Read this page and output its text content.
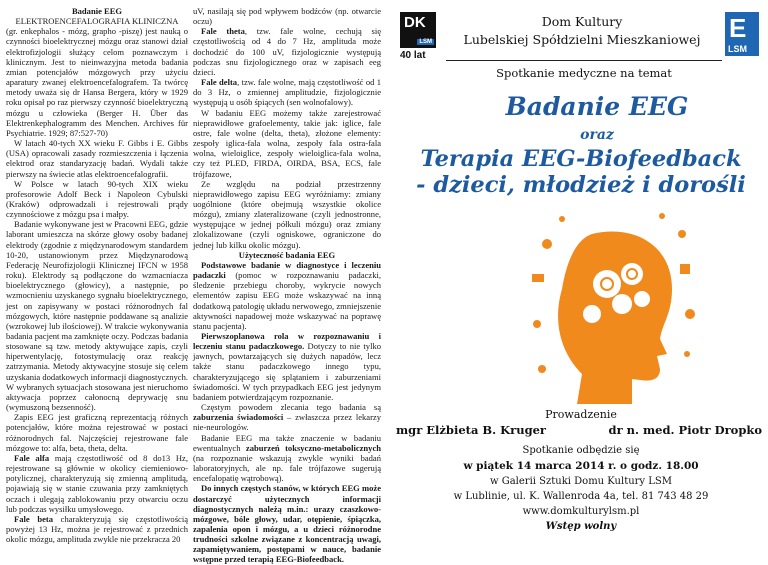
Badanie EEG

ELEKTROENCEFALOGRAFIA KLINICZNA

(gr. enkephalos - mózg, grapho -piszę) jest nauką o czynności bioelektrycznej mózgu oraz stanowi dział elektrofizjologii służący celom poznawczym i klinicznym. Jest to nieinwazyjna metoda badania zmian potencjałów mózgowych przy użyciu aparatury zwanej elektroencefalografem. Ta twórcę metody uważa się dr Hansa Bergera, który w 1929 roku opisał po raz pierwszy czynność bioelektryczną mózgu u człowieka (Berger H. Über das Elektrenkephalogramm des Menchen. Archives für Psychiatrie. 1929; 87:527-70)

W latach 40-tych XX wieku F. Gibbs i E. Gibbs (USA) opracowali zasady rozmieszczenia i łączenia elektrod oraz standaryzację badań. Wydali także pierwszy na świecie atlas elektroencefalografii.

W Polsce w latach 90-tych XIX wieku profesorowie Adolf Beck i Napoleon Cybulski (Kraków) odprowadzali i rejestrowali prądy czynnościowe z mózgu psa i małpy.

Badanie wykonywane jest w Pracowni EEG, gdzie laborant umieszcza na skórze głowy osoby badanej elektrody (zgodnie z międzynarodowym standardem 10-20, ustanowionym przez Międzynarodową Federację Neurofizjologii Klinicznej IFCN w 1958 roku). Elektrody są podłączone do wzmacniacza bioelektrycznego (głowicy), a następnie, po wzmocnieniu uzyskanego sygnału bioelektrycznego, jest on zapisywany w postaci różnorodnych fal mózgowych, które następnie poddawane są analizie (wzrokowej lub ilościowej). W trakcie wykonywania badania pacjent ma zamknięte oczy. Podczas badania stosowane są tzw. metody aktywujące zapis, czyli hiperwentylację, fotostymulację oraz reakcję zatrzymania. Metody aktywacyjne stosuje się celem uzyskania dodatkowych informacji diagnostycznych. W wybranych sytuacjach stosowana jest nieruchomo aktywacja poprzez całonocną deprywację snu (wymuszoną bezsenność).

Zapis EEG jest graficzną reprezentacją różnych potencjałów, które można rejestrować w postaci różnorodnych fal. Najczęściej rejestrowane fale mózgowe to: alfa, beta, theta, delta.

Fale alfa mają częstotliwość od 8 do13 Hz, rejestrowane są głównie w okolicy ciemieniowo-potylicznej, charakteryzują się zmienną amplitudą, pojawiają się w stanie czuwania przy zamkniętych oczach i ulegają zablokowaniu przy otwarciu oczu lub podczas wysiłku umysłowego.

Fale beta charakteryzują się częstotliwością powyżej 13 Hz, można je rejestrować z przednich okolic mózgu, amplituda zwykle nie przekracza 20

uV, nasilają się pod wpływem bodźców (np. otwarcie oczu)

Fale theta, tzw. fale wolne, cechują się częstotliwością od 4 do 7 Hz, amplituda może dochodzić do 100 uV, fizjologicznie występują podczas snu fizjologicznego oraz w zapisach eeg dzieci.

Fale delta, tzw. fale wolne, mają częstotliwość od 1 do 3 Hz, o zmiennej amplitudzie, fizjologicznie występują u osób śpiących (sen wolnofalowy).

W badaniu EEG możemy także zarejestrować nieprawidłowe grafoelementy, takie jak: iglice, fale ostre, fale wolne (delta, theta), złożone elementy: zespoły iglica-fala wolna, zespoły fala ostra-fala wolna, wieloiglice, zespoły wieloiglica-fala wolna, czy też PLED, FIRDA, OIRDA, BSA, ECS, fale trójfazowe,

Ze względu na podział przestrzenny nieprawidłowego zapisu EEG wyróżniamy: zmiany uogólnione (które obejmują wszystkie okolice mózgu), zmiany zlateralizowane (czyli jednostronne, występujące w jednej półkuli mózgu) oraz zmiany zlokalizowane (czyli ogniskowe, ograniczone do jednej lub kilku okolic mózgu).

Użyteczność badania EEG

Podstawowe badanie w diagnostyce i leczeniu padaczki (pomoc w rozpoznawaniu padaczki, śledzenie przebiegu choroby, wykrycie nowych elementów zapisu EEG może wskazywać na inną dodatkową patologię układu nerwowego, zmniejszenie aktywności napadowej może wskazywać na poprawę stanu pacjenta).

Pierwszoplanowa rola w rozpoznawaniu i leczeniu stanu padaczkowego. Dotyczy to nie tylko jawnych, powtarzających się dużych napadów, lecz także stanu padaczkowego innego typu, charakteryzującego się splątaniem i zaburzeniami świadomości. W tych przypadkach EEG jest jedynym badaniem potwierdzającym rozpoznanie.

Częstym powodem zlecania tego badania są zaburzenia świadomości – zwłaszcza przez lekarzy nie-neurologów.

Badanie EEG ma także znaczenie w badaniu ewentualnych zaburzeń toksyczno-metabolicznych (na rozpoznanie wskazują zwykle wyniki badań laboratoryjnych, ale np. fale trójfazowe sugerują encefalopatię wątrobową).

Do innych częstych stanów, w których EEG może dostarczyć użytecznych informacji diagnostycznych należą m.in.: urazy czaszkowo-mózgowe, bóle głowy, udar, otępienie, śpiączka, zapalenia opon i mózgu, a u dzieci różnorodne trudności szkolne związane z koncentracją uwagi, zapamiętywaniem, postępami w nauce, badanie wstępne przed terapią EEG-Biofeedback.

DK
LSM
40 lat
Dom Kultury
Lubelskiej Spółdzielni Mieszkaniowej	E
LSM
Spotkanie medyczne na temat
Badanie EEG
oraz
Terapia EEG-Biofeedback
- dzieci, młodzież i dorośli
Prowadzenie
mgr Elżbieta B. Kruger	dr n. med. Piotr Dropko
Spotkanie odbędzie się
w piątek 14 marca 2014 r. o godz. 18.00
w Galerii Sztuki Domu Kultury LSM
w Lublinie, ul. K. Wallenroda 4a, tel. 81 743 48 29
www.domkulturylsm.pl
Wstęp wolny
